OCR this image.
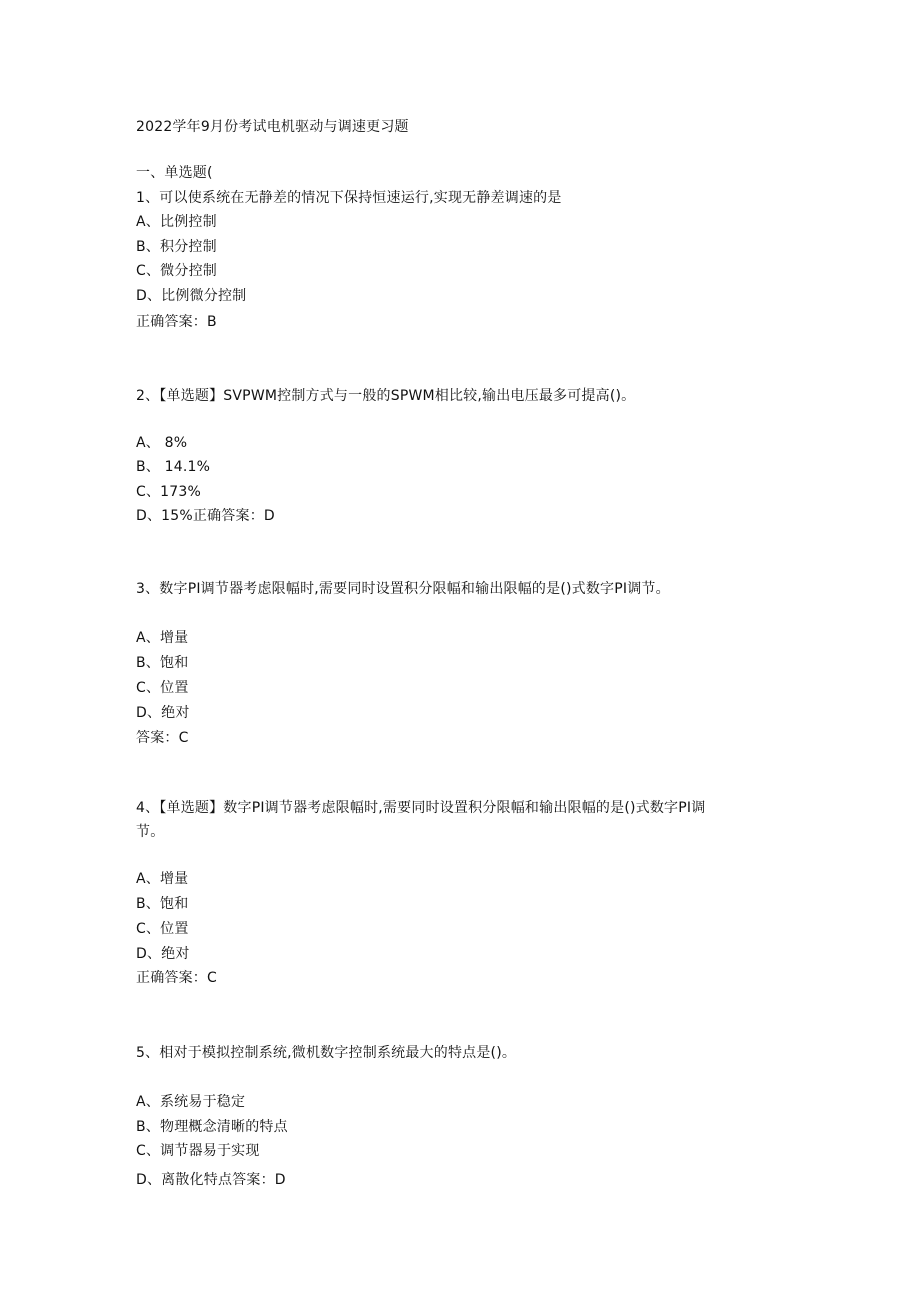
2022学年9月份考试电机驱动与调速更习题
一、单选题(
1、可以使系统在无静差的情况下保持恒速运行,实现无静差调速的是
A、比例控制
B、积分控制
C、微分控制
D、比例微分控制
正确答案：B
2、【单选题】SVPWM控制方式与一般的SPWM相比较,输出电压最多可提高()。
A、 8%
B、 14.1%
C、173%
D、15%正确答案：D
3、数字PI调节器考虑限幅时,需要同时设置积分限幅和输出限幅的是()式数字PI调节。
A、增量
B、饱和
C、位置
D、绝对
答案：C
4、【单选题】数字PI调节器考虑限幅时,需要同时设置积分限幅和输出限幅的是()式数字PI调
节。
A、增量
B、饱和
C、位置
D、绝对
正确答案：C
5、相对于模拟控制系统,微机数字控制系统最大的特点是()。
A、系统易于稳定
B、物理概念清晰的特点
C、调节器易于实现
D、离散化特点答案：D
